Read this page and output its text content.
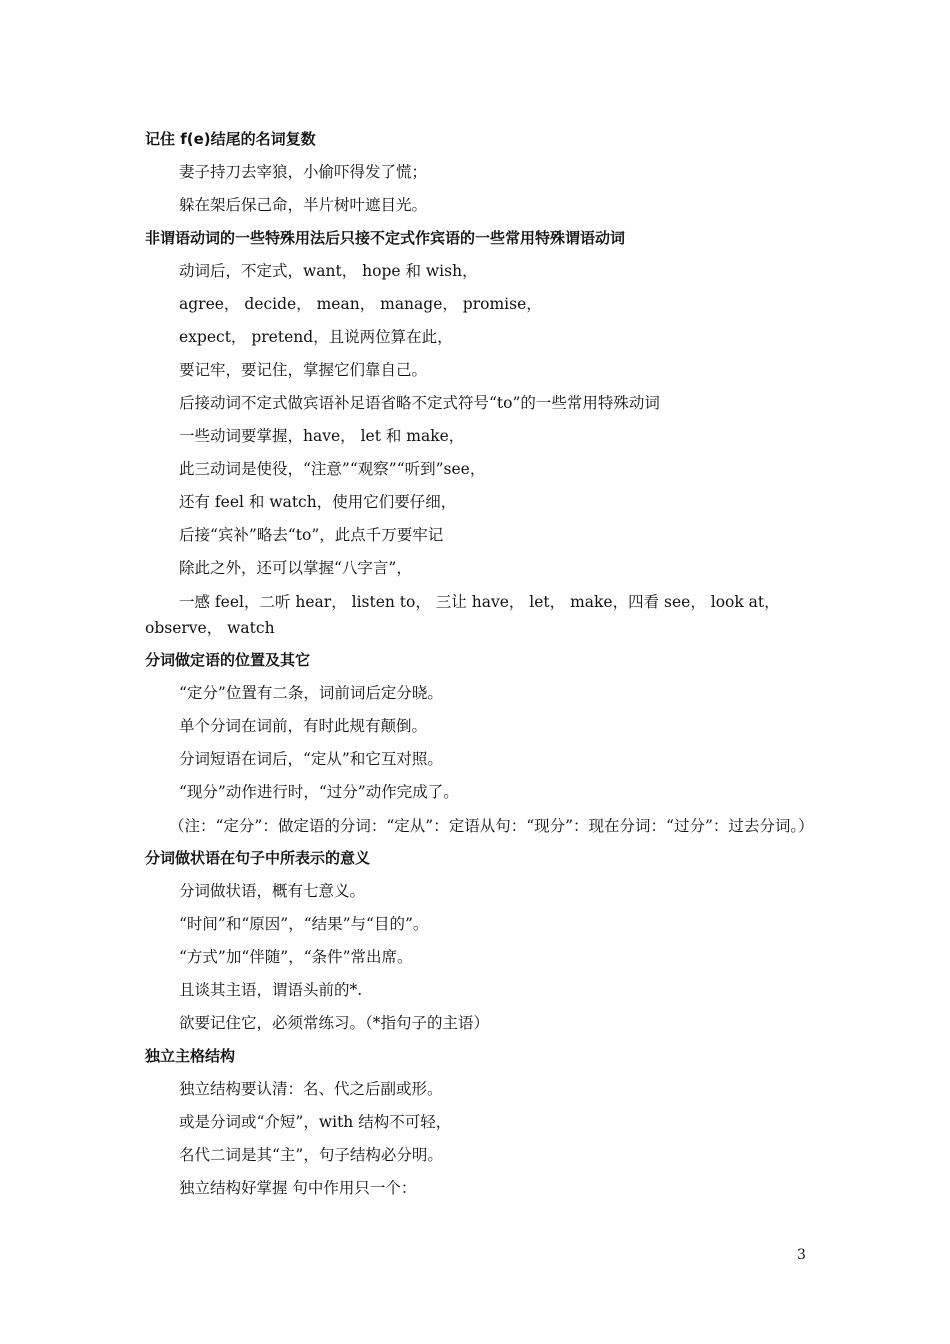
记住 f(e)结尾的名词复数
妻子持刀去宰狼，小偷吓得发了慌；
躲在架后保己命，半片树叶遮目光。
非谓语动词的一些特殊用法后只接不定式作宾语的一些常用特殊谓语动词
动词后，不定式，want， hope 和 wish，
agree， decide， mean， manage， promise，
expect， pretend，且说两位算在此，
要记牢，要记住，掌握它们靠自己。
后接动词不定式做宾语补足语省略不定式符号“to”的一些常用特殊动词
一些动词要掌握，have， let 和 make，
此三动词是使役，“注意”“观察”“听到”see，
还有 feel 和 watch，使用它们要仔细，
后接“宾补”略去“to”，此点千万要牢记
除此之外，还可以掌握“八字言”，
一感 feel，二听 hear， listen to， 三让 have， let， make，四看 see， look at， observe， watch
分词做定语的位置及其它
“定分”位置有二条，词前词后定分晓。
单个分词在词前，有时此规有颠倒。
分词短语在词后，“定从”和它互对照。
“现分”动作进行时，“过分”动作完成了。
（注：“定分”：做定语的分词：“定从”：定语从句：“现分”：现在分词：“过分”：过去分词。）
分词做状语在句子中所表示的意义
分词做状语，概有七意义。
“时间”和“原因”，“结果”与“目的”。
“方式”加“伴随”，“条件”常出席。
且谈其主语，谓语头前的*.
欲要记住它，必须常练习。（*指句子的主语）
独立主格结构
独立结构要认清：名、代之后副或形。
或是分词或“介短”，with 结构不可轻，
名代二词是其“主”，句子结构必分明。
独立结构好掌握 句中作用只一个：
3
